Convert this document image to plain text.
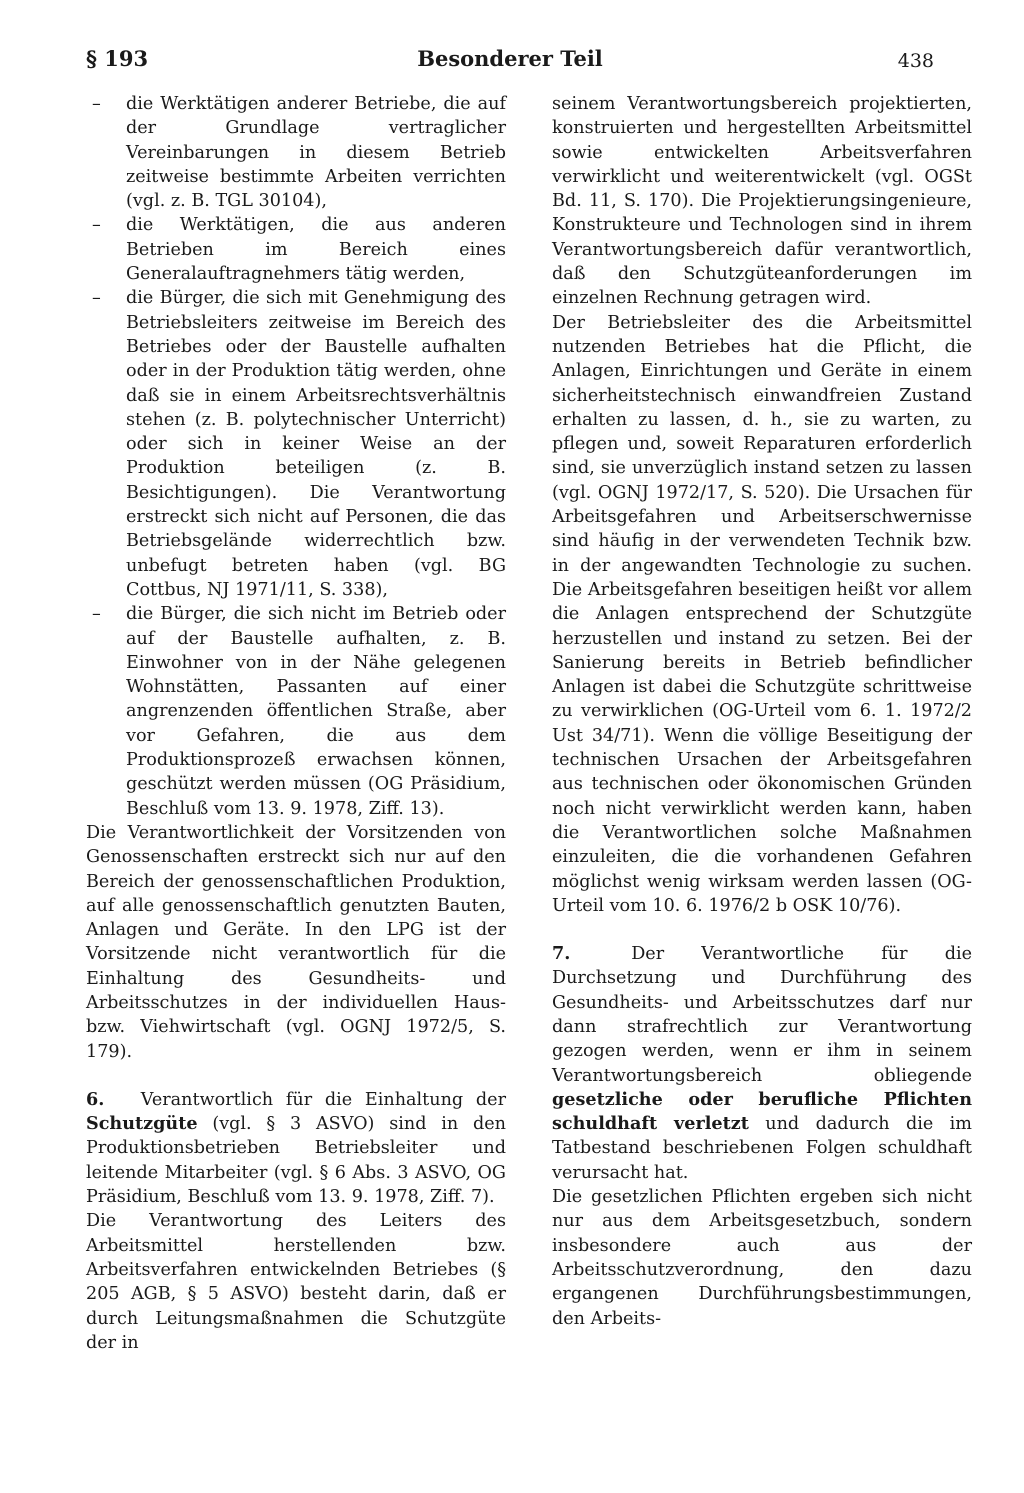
§ 193	Besonderer Teil	438
– die Werktätigen anderer Betriebe, die auf der Grundlage vertraglicher Vereinbarungen in diesem Betrieb zeitweise bestimmte Arbeiten verrichten (vgl. z. B. TGL 30104),
– die Werktätigen, die aus anderen Betrieben im Bereich eines Generalauftragnehmers tätig werden,
– die Bürger, die sich mit Genehmigung des Betriebsleiters zeitweise im Bereich des Betriebes oder der Baustelle aufhalten oder in der Produktion tätig werden, ohne daß sie in einem Arbeitsrechtsverhältnis stehen (z. B. polytechnischer Unterricht) oder sich in keiner Weise an der Produktion beteiligen (z. B. Besichtigungen). Die Verantwortung erstreckt sich nicht auf Personen, die das Betriebsgelände widerrechtlich bzw. unbefugt betreten haben (vgl. BG Cottbus, NJ 1971/11, S. 338),
– die Bürger, die sich nicht im Betrieb oder auf der Baustelle aufhalten, z. B. Einwohner von in der Nähe gelegenen Wohnstätten, Passanten auf einer angrenzenden öffentlichen Straße, aber vor Gefahren, die aus dem Produktionsprozeß erwachsen können, geschützt werden müssen (OG Präsidium, Beschluß vom 13. 9. 1978, Ziff. 13).

Die Verantwortlichkeit der Vorsitzenden von Genossenschaften erstreckt sich nur auf den Bereich der genossenschaftlichen Produktion, auf alle genossenschaftlich genutzten Bauten, Anlagen und Geräte. In den LPG ist der Vorsitzende nicht verantwortlich für die Einhaltung des Gesundheits- und Arbeitsschutzes in der individuellen Haus- bzw. Viehwirtschaft (vgl. OGNJ 1972/5, S. 179).

6. Verantwortlich für die Einhaltung der Schutzgüte (vgl. § 3 ASVO) sind in den Produktionsbetrieben Betriebsleiter und leitende Mitarbeiter (vgl. § 6 Abs. 3 ASVO, OG Präsidium, Beschluß vom 13. 9. 1978, Ziff. 7).

Die Verantwortung des Leiters des Arbeitsmittel herstellenden bzw. Arbeitsverfahren entwickelnden Betriebes (§ 205 AGB, § 5 ASVO) besteht darin, daß er durch Leitungsmaßnahmen die Schutzgüte der in

seinem Verantwortungsbereich projektierten, konstruierten und hergestellten Arbeitsmittel sowie entwickelten Arbeitsverfahren verwirklicht und weiterentwickelt (vgl. OGSt Bd. 11, S. 170). Die Projektierungsingenieure, Konstrukteure und Technologen sind in ihrem Verantwortungsbereich dafür verantwortlich, daß den Schutzgüteanforderungen im einzelnen Rechnung getragen wird.

Der Betriebsleiter des die Arbeitsmittel nutzenden Betriebes hat die Pflicht, die Anlagen, Einrichtungen und Geräte in einem sicherheitstechnisch einwandfreien Zustand erhalten zu lassen, d. h., sie zu warten, zu pflegen und, soweit Reparaturen erforderlich sind, sie unverzüglich instand setzen zu lassen (vgl. OGNJ 1972/17, S. 520). Die Ursachen für Arbeitsgefahren und Arbeitserschwernisse sind häufig in der verwendeten Technik bzw. in der angewandten Technologie zu suchen. Die Arbeitsgefahren beseitigen heißt vor allem die Anlagen entsprechend der Schutzgüte herzustellen und instand zu setzen. Bei der Sanierung bereits in Betrieb befindlicher Anlagen ist dabei die Schutzgüte schrittweise zu verwirklichen (OG-Urteil vom 6. 1. 1972/2 Ust 34/71). Wenn die völlige Beseitigung der technischen Ursachen der Arbeitsgefahren aus technischen oder ökonomischen Gründen noch nicht verwirklicht werden kann, haben die Verantwortlichen solche Maßnahmen einzuleiten, die die vorhandenen Gefahren möglichst wenig wirksam werden lassen (OG-Urteil vom 10. 6. 1976/2 b OSK 10/76).

7.	Der Verantwortliche für die Durchsetzung und Durchführung des Gesundheits- und Arbeitsschutzes darf nur dann strafrechtlich zur Verantwortung gezogen werden, wenn er ihm in seinem Verantwortungsbereich obliegende gesetzliche oder berufliche Pflichten schuldhaft verletzt und dadurch die im Tatbestand beschriebenen Folgen schuldhaft verursacht hat.

Die gesetzlichen Pflichten ergeben sich nicht nur aus dem Arbeitsgesetzbuch, sondern insbesondere auch aus der Arbeitsschutzverordnung, den dazu ergangenen Durchführungsbestimmungen, den Arbeits-
